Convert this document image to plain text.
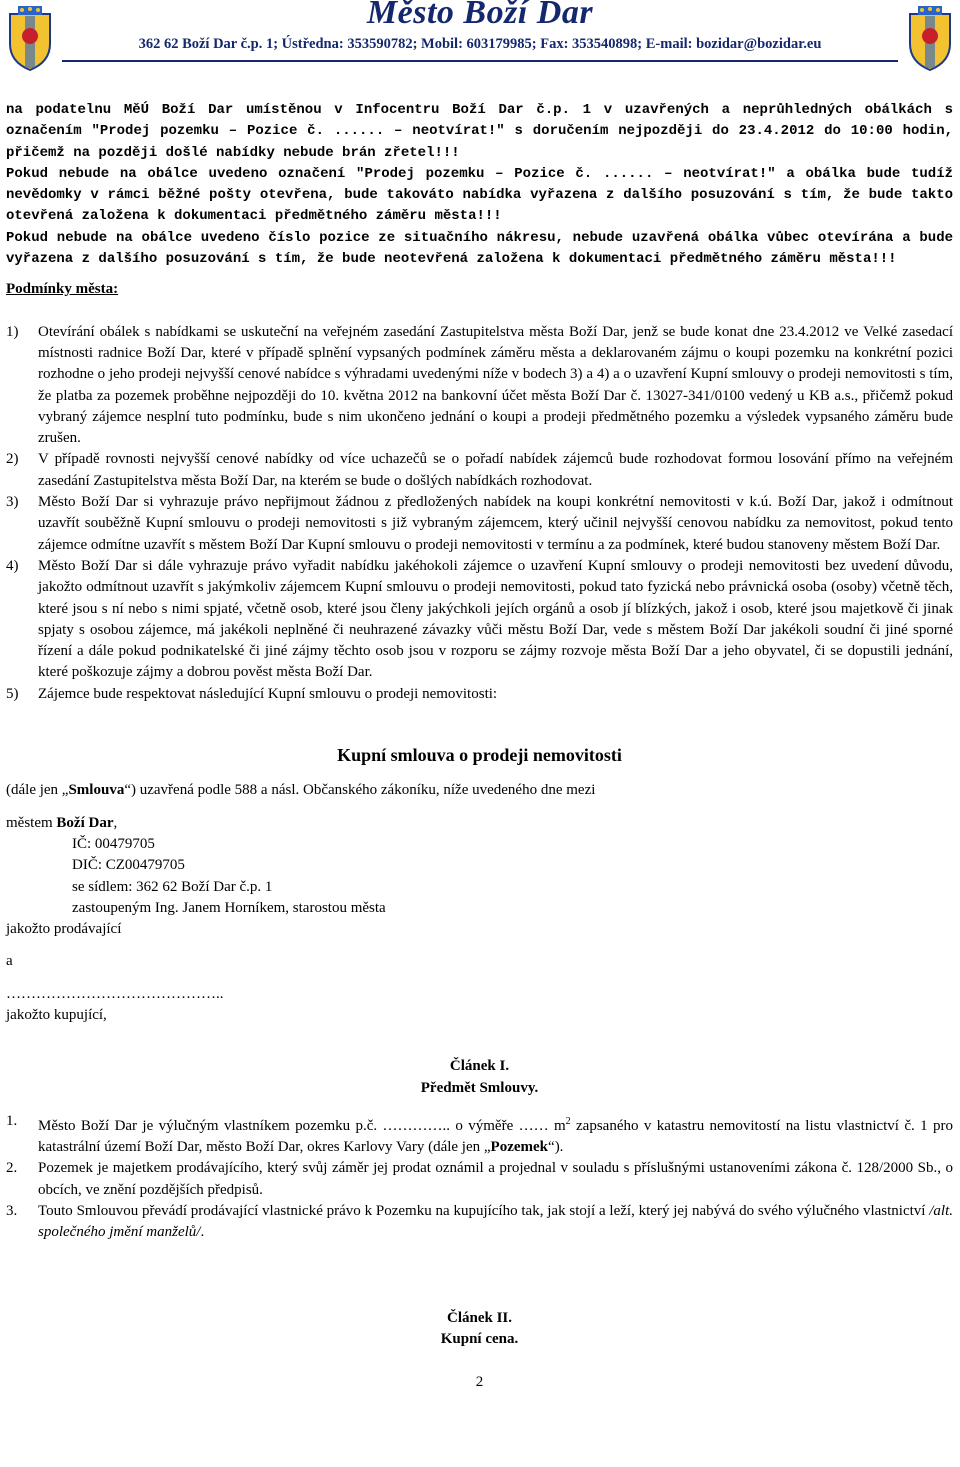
Město Boží Dar
362 62 Boží Dar č.p. 1; Ústředna: 353590782; Mobil: 603179985; Fax: 353540898; E-mail: bozidar@bozidar.eu

na podatelnu MěÚ Boží Dar umístěnou v Infocentru Boží Dar č.p. 1 v uzavřených a neprůhledných obálkách s označením "Prodej pozemku – Pozice č. ...... – neotvírat!" s doručením nejpozději do 23.4.2012 do 10:00 hodin, přičemž na později došlé nabídky nebude brán zřetel!!!

Pokud nebude na obálce uvedeno označení "Prodej pozemku – Pozice č. ...... – neotvírat!" a obálka bude tudíž nevědomky v rámci běžné pošty otevřena, bude takováto nabídka vyřazena z dalšího posuzování s tím, že bude takto otevřená založena k dokumentaci předmětného záměru města!!!

Pokud nebude na obálce uvedeno číslo pozice ze situačního nákresu, nebude uzavřená obálka vůbec otevírána a bude vyřazena z dalšího posuzování s tím, že bude neotevřená založena k dokumentaci předmětného záměru města!!!

Podmínky města:

1) Otevírání obálek s nabídkami se uskuteční na veřejném zasedání Zastupitelstva města Boží Dar, jenž se bude konat dne 23.4.2012 ve Velké zasedací místnosti radnice Boží Dar, které v případě splnění vypsaných podmínek záměru města a deklarovaném zájmu o koupi pozemku na konkrétní pozici rozhodne o jeho prodeji nejvyšší cenové nabídce s výhradami uvedenými níže v bodech 3) a 4) a o uzavření Kupní smlouvy o prodeji nemovitosti s tím, že platba za pozemek proběhne nejpozději do 10. května 2012 na bankovní účet města Boží Dar č. 13027-341/0100 vedený u KB a.s., přičemž pokud vybraný zájemce nesplní tuto podmínku, bude s nim ukončeno jednání o koupi a prodeji předmětného pozemku a výsledek vypsaného záměru bude zrušen.
2) V případě rovnosti nejvyšší cenové nabídky od více uchazečů se o pořadí nabídek zájemců bude rozhodovat formou losování přímo na veřejném zasedání Zastupitelstva města Boží Dar, na kterém se bude o došlých nabídkách rozhodovat.
3) Město Boží Dar si vyhrazuje právo nepřijmout žádnou z předložených nabídek na koupi konkrétní nemovitosti v k.ú. Boží Dar, jakož i odmítnout uzavřít souběžně Kupní smlouvu o prodeji nemovitosti s již vybraným zájemcem, který učinil nejvyšší cenovou nabídku za nemovitost, pokud tento zájemce odmítne uzavřít s městem Boží Dar Kupní smlouvu o prodeji nemovitosti v termínu a za podmínek, které budou stanoveny městem Boží Dar.
4) Město Boží Dar si dále vyhrazuje právo vyřadit nabídku jakéhokoli zájemce o uzavření Kupní smlouvy o prodeji nemovitosti bez uvedení důvodu, jakožto odmítnout uzavřít s jakýmkoliv zájemcem Kupní smlouvu o prodeji nemovitosti, pokud tato fyzická nebo právnická osoba (osoby) včetně těch, které jsou s ní nebo s nimi spjaté, včetně osob, které jsou členy jakýchkoli jejích orgánů a osob jí blízkých, jakož i osob, které jsou majetkově či jinak spjaty s osobou zájemce, má jakékoli neplněné či neuhrazené závazky vůči městu Boží Dar, vede s městem Boží Dar jakékoli soudní či jiné sporné řízení a dále pokud podnikatelské či jiné zájmy těchto osob jsou v rozporu se zájmy rozvoje města Boží Dar a jeho obyvatel, či se dopustili jednání, které poškozuje zájmy a dobrou pověst města Boží Dar.
5) Zájemce bude respektovat následující Kupní smlouvu o prodeji nemovitosti:

Kupní smlouva o prodeji nemovitosti

(dále jen „Smlouva“) uzavřená podle 588 a násl. Občanského zákoníku, níže uvedeného dne mezi

městem Boží Dar,

IČ: 00479705

DIČ: CZ00479705

se sídlem: 362 62 Boží Dar č.p. 1

zastoupeným Ing. Janem Horníkem, starostou města

jakožto prodávající

a

……………………………………..

jakožto kupující,

Článek I.

Předmět Smlouvy.

1. Město Boží Dar je výlučným vlastníkem pozemku p.č. ………….. o výměře …… $m^2$ zapsaného v katastru nemovitostí na listu vlastnictví č. 1 pro katastrální území Boží Dar, město Boží Dar, okres Karlovy Vary (dále jen „Pozemek“).
2. Pozemek je majetkem prodávajícího, který svůj záměr jej prodat oznámil a projednal v souladu s příslušnými ustanoveními zákona č. 128/2000 Sb., o obcích, ve znění pozdějších předpisů.
3. Touto Smlouvou převádí prodávající vlastnické právo k Pozemku na kupujícího tak, jak stojí a leží, který jej nabývá do svého výlučného vlastnictví /alt. společného jmění manželů/.

Článek II.

Kupní cena.

2
